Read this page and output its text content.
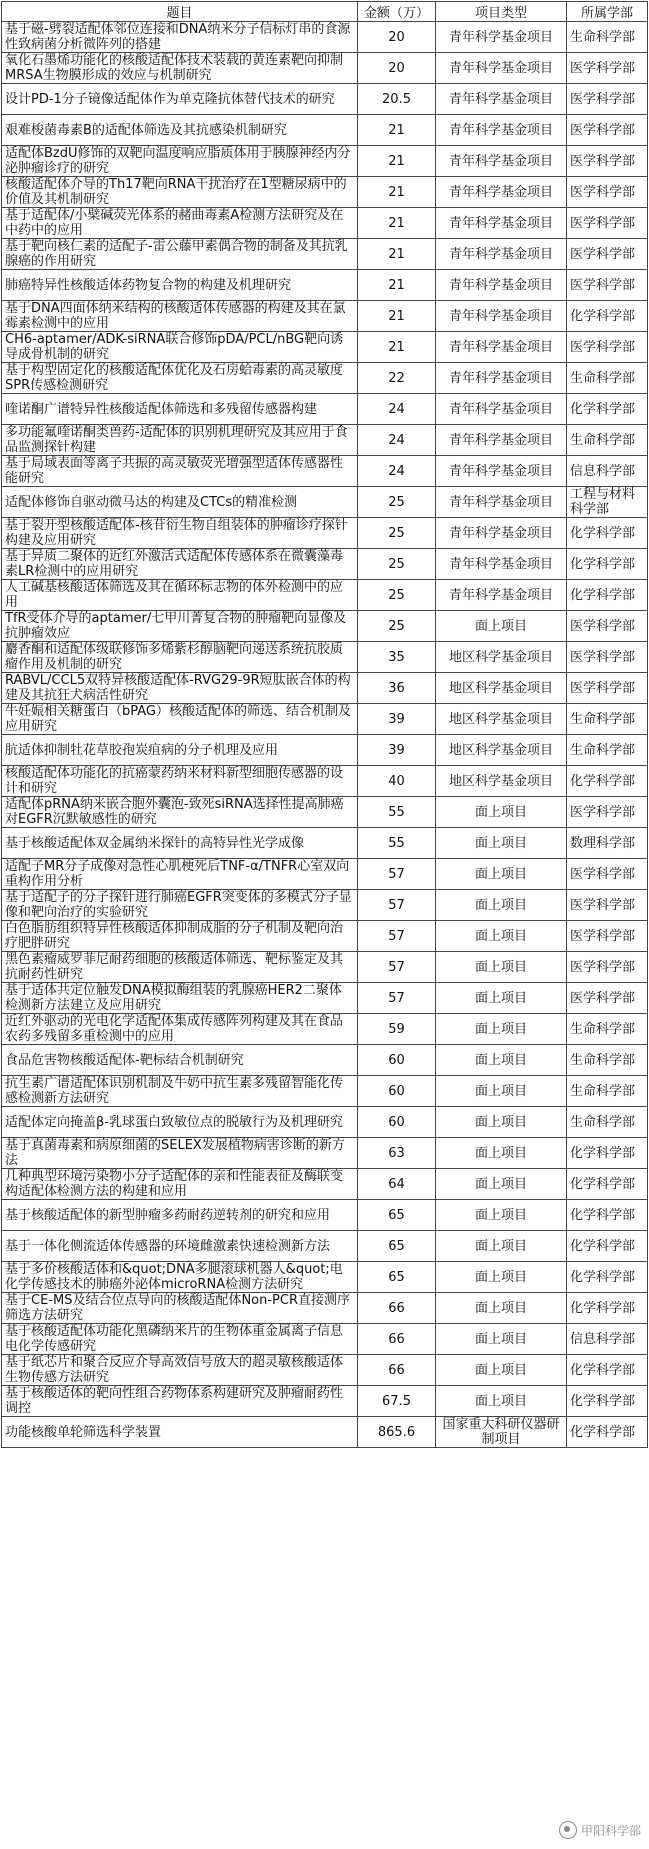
题目	金额（万）	项目类型	所属学部
基于磁-劈裂适配体邻位连接和DNA纳米分子信标灯串的食源性致病菌分析微阵列的搭建	20	青年科学基金项目	生命科学部
氧化石墨烯功能化的核酸适配体技术装载的黄连素靶向抑制MRSA生物膜形成的效应与机制研究	20	青年科学基金项目	医学科学部
设计PD-1分子镜像适配体作为单克隆抗体替代技术的研究	20.5	青年科学基金项目	医学科学部
艰难梭菌毒素B的适配体筛选及其抗感染机制研究	21	青年科学基金项目	医学科学部
适配体BzdU修饰的双靶向温度响应脂质体用于胰腺神经内分泌肿瘤诊疗的研究	21	青年科学基金项目	医学科学部
核酸适配体介导的Th17靶向RNA干扰治疗在1型糖尿病中的价值及其机制研究	21	青年科学基金项目	医学科学部
基于适配体/小檗碱荧光体系的赭曲毒素A检测方法研究及在中药中的应用	21	青年科学基金项目	医学科学部
基于靶向核仁素的适配子-雷公藤甲素偶合物的制备及其抗乳腺癌的作用研究	21	青年科学基金项目	医学科学部
肺癌特异性核酸适体药物复合物的构建及机理研究	21	青年科学基金项目	医学科学部
基于DNA四面体纳米结构的核酸适体传感器的构建及其在氯霉素检测中的应用	21	青年科学基金项目	化学科学部
CH6-aptamer/ADK-siRNA联合修饰pDA/PCL/nBG靶向诱导成骨机制的研究	21	青年科学基金项目	医学科学部
基于构型固定化的核酸适配体优化及石房蛤毒素的高灵敏度SPR传感检测研究	22	青年科学基金项目	生命科学部
喹诺酮广谱特异性核酸适配体筛选和多残留传感器构建	24	青年科学基金项目	化学科学部
多功能氟喹诺酮类兽药-适配体的识别机理研究及其应用于食品监测探针构建	24	青年科学基金项目	生命科学部
基于局域表面等离子共振的高灵敏荧光增强型适体传感器性能研究	24	青年科学基金项目	信息科学部
适配体修饰自驱动微马达的构建及CTCs的精准检测	25	青年科学基金项目	工程与材料科学部
基于裂开型核酸适配体-核苷衍生物自组装体的肿瘤诊疗探针构建及应用研究	25	青年科学基金项目	化学科学部
基于异质二聚体的近红外激活式适配体传感体系在微囊藻毒素LR检测中的应用研究	25	青年科学基金项目	化学科学部
人工碱基核酸适体筛选及其在循环标志物的体外检测中的应用	25	青年科学基金项目	化学科学部
TfR受体介导的aptamer/七甲川菁复合物的肿瘤靶向显像及抗肿瘤效应	25	面上项目	医学科学部
麝香酮和适配体级联修饰多烯紫杉醇脑靶向递送系统抗胶质瘤作用及机制的研究	35	地区科学基金项目	医学科学部
RABVL/CCL5双特异核酸适配体-RVG29-9R短肽嵌合体的构建及其抗狂犬病活性研究	36	地区科学基金项目	医学科学部
牛妊娠相关糖蛋白（bPAG）核酸适配体的筛选、结合机制及应用研究	39	地区科学基金项目	生命科学部
肮适体抑制牡花草胶孢炭疽病的分子机理及应用	39	地区科学基金项目	生命科学部
核酸适配体功能化的抗癌蒙药纳米材料新型细胞传感器的设计和研究	40	地区科学基金项目	化学科学部
适配体pRNA纳米嵌合胞外囊泡-致死siRNA选择性提高肺癌对EGFR沉默敏感性的研究	55	面上项目	医学科学部
基于核酸适配体双金属纳米探针的高特异性光学成像	55	面上项目	数理科学部
适配子MR分子成像对急性心肌梗死后TNF-α/TNFR心室双向重构作用分析	57	面上项目	医学科学部
基于适配子的分子探针进行肺癌EGFR突变体的多模式分子显像和靶向治疗的实验研究	57	面上项目	医学科学部
白色脂肪组织特异性核酸适体抑制成脂的分子机制及靶向治疗肥胖研究	57	面上项目	医学科学部
黑色素瘤威罗菲尼耐药细胞的核酸适体筛选、靶标鉴定及其抗耐药性研究	57	面上项目	医学科学部
基于适体共定位触发DNA模拟酶组装的乳腺癌HER2二聚体检测新方法建立及应用研究	57	面上项目	医学科学部
近红外驱动的光电化学适配体集成传感阵列构建及其在食品农药多残留多重检测中的应用	59	面上项目	生命科学部
食品危害物核酸适配体-靶标结合机制研究	60	面上项目	生命科学部
抗生素广谱适配体识别机制及牛奶中抗生素多残留智能化传感检测新方法研究	60	面上项目	生命科学部
适配体定向掩盖β-乳球蛋白致敏位点的脱敏行为及机理研究	60	面上项目	生命科学部
基于真菌毒素和病原细菌的SELEX发展植物病害诊断的新方法	63	面上项目	化学科学部
几种典型环境污染物小分子适配体的亲和性能表征及酶联变构适配体检测方法的构建和应用	64	面上项目	化学科学部
基于核酸适配体的新型肿瘤多药耐药逆转剂的研究和应用	65	面上项目	化学科学部
基于一体化侧流适体传感器的环境雌激素快速检测新方法	65	面上项目	化学科学部
基于多价核酸适体和&quot;DNA多腿滚球机器人&quot;电化学传感技术的肺癌外泌体microRNA检测方法研究	65	面上项目	化学科学部
基于CE-MS及结合位点导向的核酸适配体Non-PCR直接测序筛选方法研究	66	面上项目	化学科学部
基于核酸适配体功能化黑磷纳米片的生物体重金属离子信息电化学传感研究	66	面上项目	信息科学部
基于纸芯片和聚合反应介导高效信号放大的超灵敏核酸适体生物传感方法研究	66	面上项目	化学科学部
基于核酸适体的靶向性组合药物体系构建研究及肿瘤耐药性调控	67.5	面上项目	化学科学部
功能核酸单轮筛选科学装置	865.6	国家重大科研仪器研制项目	化学科学部
甲阳科学部
